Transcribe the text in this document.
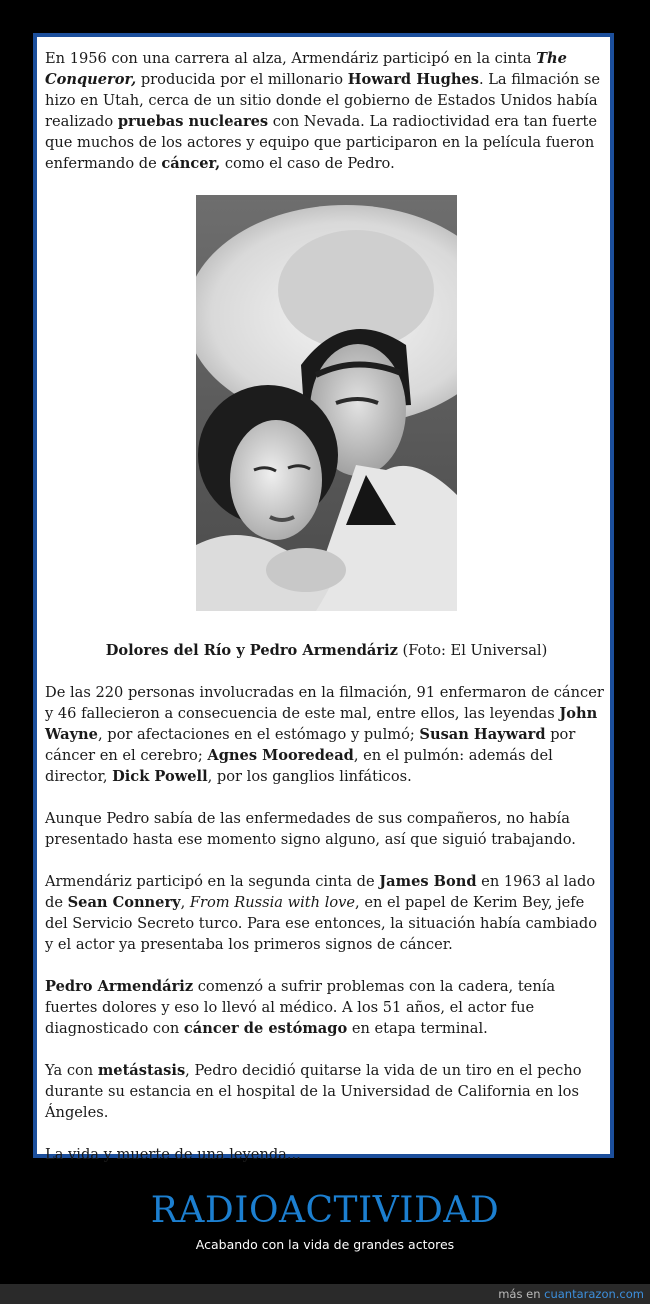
En 1956 con una carrera al alza, Armendáriz participó en la cinta The Conqueror, producida por el millonario Howard Hughes. La filmación se hizo en Utah, cerca de un sitio donde el gobierno de Estados Unidos había realizado pruebas nucleares con Nevada. La radioctividad era tan fuerte que muchos de los actores y equipo que participaron en la película fueron enfermando de cáncer, como el caso de Pedro.

Dolores del Río y Pedro Armendáriz (Foto: El Universal)

De las 220 personas involucradas en la filmación, 91 enfermaron de cáncer y 46 fallecieron a consecuencia de este mal, entre ellos, las leyendas John Wayne, por afectaciones en el estómago y pulmó; Susan Hayward por cáncer en el cerebro; Agnes Mooredead, en el pulmón: además del director, Dick Powell, por los ganglios linfáticos.

Aunque Pedro sabía de las enfermedades de sus compañeros, no había presentado hasta ese momento signo alguno, así que siguió trabajando.

Armendáriz participó en la segunda cinta de James Bond en 1963 al lado de Sean Connery, From Russia with love, en el papel de Kerim Bey, jefe del Servicio Secreto turco. Para ese entonces, la situación había cambiado y el actor ya presentaba los primeros signos de cáncer.

Pedro Armendáriz comenzó a sufrir problemas con la cadera, tenía fuertes dolores y eso lo llevó al médico. A los 51 años, el actor fue diagnosticado con cáncer de estómago en etapa terminal.

Ya con metástasis, Pedro decidió quitarse la vida de un tiro en el pecho durante su estancia en el hospital de la Universidad de California en los Ángeles.

La vida y muerte de una leyenda...

RADIOACTIVIDAD
Acabando con la vida de grandes actores
más en cuantarazon.com
